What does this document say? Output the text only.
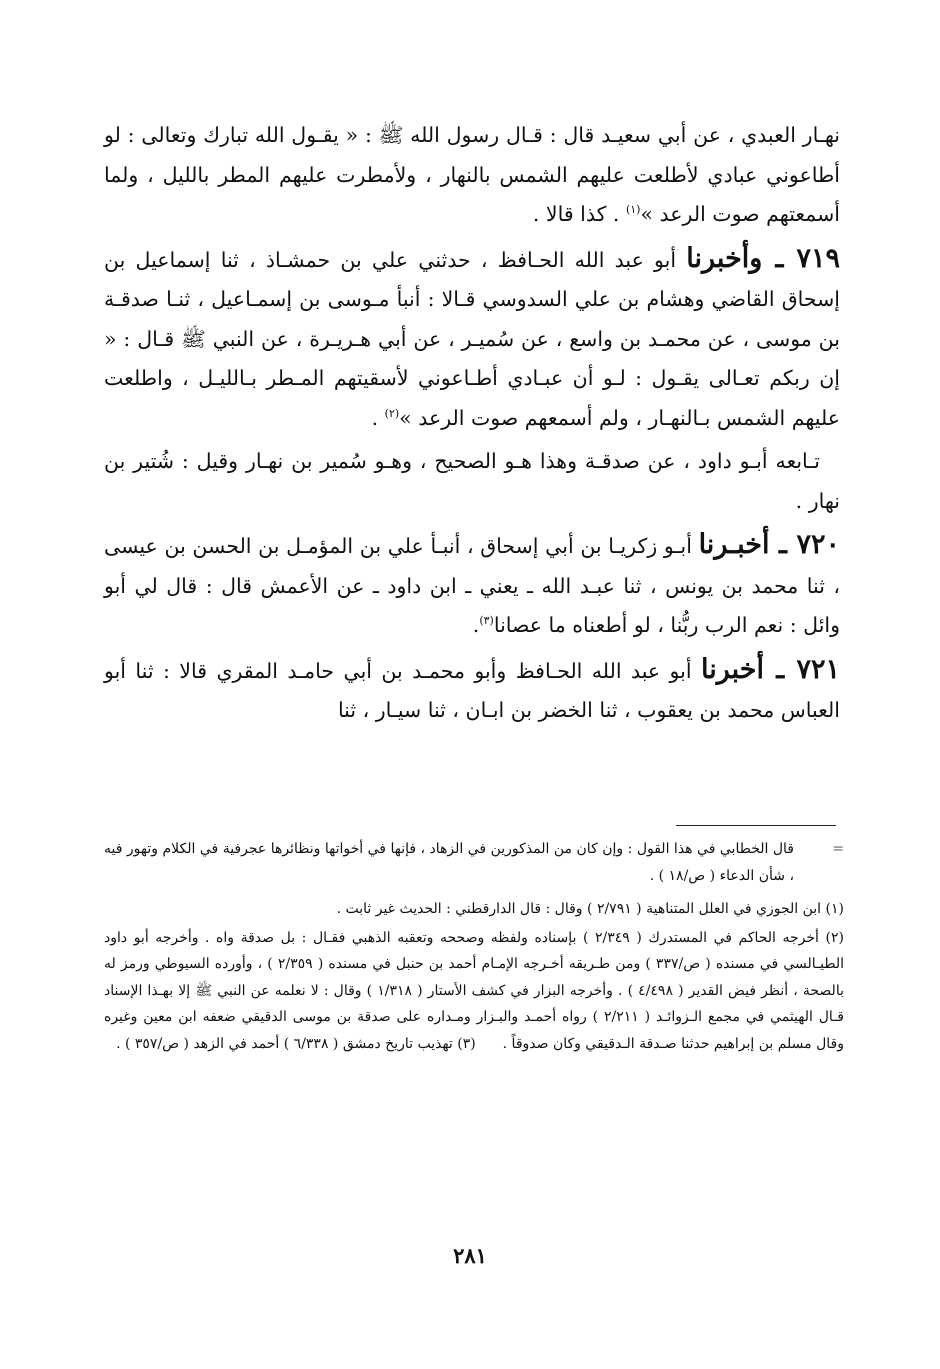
نهـار العبدي ، عن أبي سعيـد قال : قـال رسول الله ﷺ : « يقـول الله تبارك وتعالى : لو أطاعوني عبادي لأطلعت عليهم الشمس بالنهار ، ولأمطرت عليهم المطر بالليل ، ولما أسمعتهم صوت الرعد »$^{(١)}$ . كذا قالا .

٧١٩ ـ وأخبرنا أبو عبد الله الحـافظ ، حدثني علي بن حمشـاذ ، ثنا إسماعيل بن إسحاق القاضي وهشام بن علي السدوسي قـالا : أنبأ مـوسى بن إسمـاعيل ، ثنـا صدقـة بن موسى ، عن محمـد بن واسع ، عن سُميـر ، عن أبي هـريـرة ، عن النبي ﷺ قـال : « إن ربكم تعـالى يقـول : لـو أن عبـادي أطـاعوني لأسقيتهم المـطر بـالليـل ، واطلعت عليهم الشمس بـالنهـار ، ولم أسمعهم صوت الرعد »$^{(٢)}$ .

تـابعه أبـو داود ، عن صدقـة وهذا هـو الصحيح ، وهـو سُمير بن نهـار وقيل : شُتير بن نهار .

٧٢٠ ـ أخبـرنا أبـو زكريـا بن أبي إسحاق ، أنبـأ علي بن المؤمـل بن الحسن بن عيسى ، ثنا محمد بن يونس ، ثنا عبـد الله ـ يعني ـ ابن داود ـ عن الأعمش قال : قال لي أبو وائل : نعم الرب ربُّنا ، لو أطعناه ما عصانا$^{(٣)}$.

٧٢١ ـ أخبرنا أبو عبد الله الحـافظ وأبو محمـد بن أبي حامـد المقري قالا : ثنا أبو العباس محمد بن يعقوب ، ثنا الخضر بن ابـان ، ثنا سيـار ، ثنا

=
قال الخطابي في هذا القول : وإن كان من المذكورين في الزهاد ، فإنها في أخواتها ونظائرها عجرفية في الكلام وتهور فيه ، شأن الدعاء ( ص/١٨ ) .
(١) ابن الجوزي في العلل المتناهية ( ٢/٧٩١ ) وقال : قال الدارقطني : الحديث غير ثابت .
(٢) أخرجه الحاكم في المستدرك ( ٢/٣٤٩ ) بإسناده ولفظه وصححه وتعقبه الذهبي فقـال : بل صدقة واه . وأخرجه أبو داود الطيـالسي في مسنده ( ص/٣٣٧ ) ومن طـريقه أخـرجه الإمـام أحمد بن حنبل في مسنده ( ٢/٣٥٩ ) ، وأورده السيوطي ورمز له بالصحة ، أنظر فيض القدير ( ٤/٤٩٨ ) . وأخرجه البزار في كشف الأستار ( ١/٣١٨ ) وقال : لا نعلمه عن النبي ﷺ إلا بهـذا الإسناد قـال الهيثمي في مجمع الـزوائـد ( ٢/٢١١ ) رواه أحمـد والبـزار ومـداره على صدقة بن موسى الدقيقي ضعفه ابن معين وغيره وقال مسلم بن إبراهيم حدثنا صـدقة الـدقيقي وكان صدوقاً .  (٣) تهذيب تاريخ دمشق ( ٦/٣٣٨ ) أحمد في الزهد ( ص/٣٥٧ ) .
٢٨١
